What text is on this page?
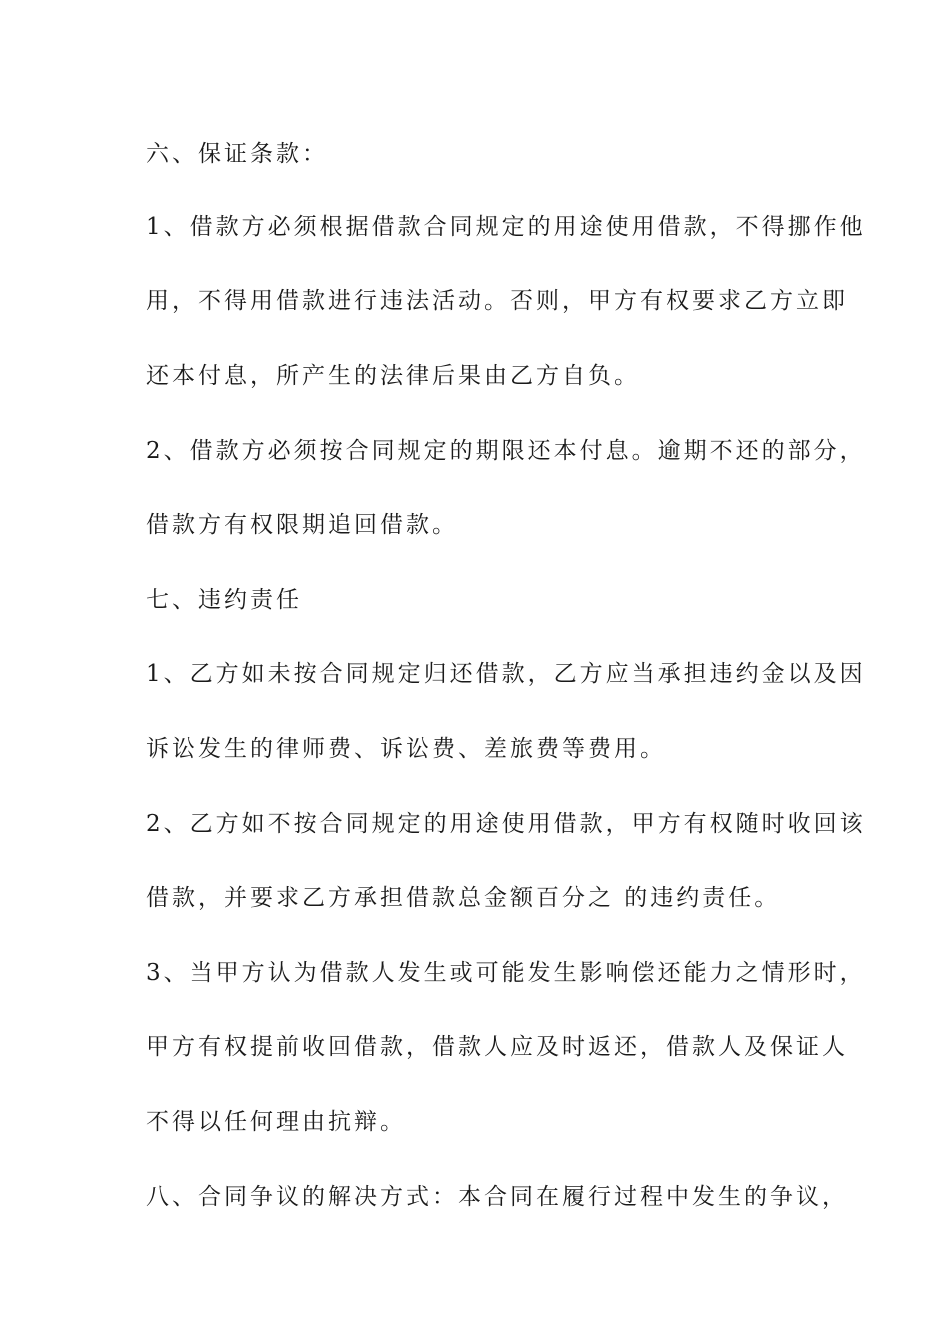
六、保证条款：
1、借款方必须根据借款合同规定的用途使用借款，不得挪作他
用，不得用借款进行违法活动。否则，甲方有权要求乙方立即
还本付息，所产生的法律后果由乙方自负。
2、借款方必须按合同规定的期限还本付息。逾期不还的部分，
借款方有权限期追回借款。
七、违约责任
1、乙方如未按合同规定归还借款，乙方应当承担违约金以及因
诉讼发生的律师费、诉讼费、差旅费等费用。
2、乙方如不按合同规定的用途使用借款，甲方有权随时收回该
借款，并要求乙方承担借款总金额百分之 的违约责任。
3、当甲方认为借款人发生或可能发生影响偿还能力之情形时，
甲方有权提前收回借款，借款人应及时返还，借款人及保证人
不得以任何理由抗辩。
八、合同争议的解决方式：本合同在履行过程中发生的争议，
